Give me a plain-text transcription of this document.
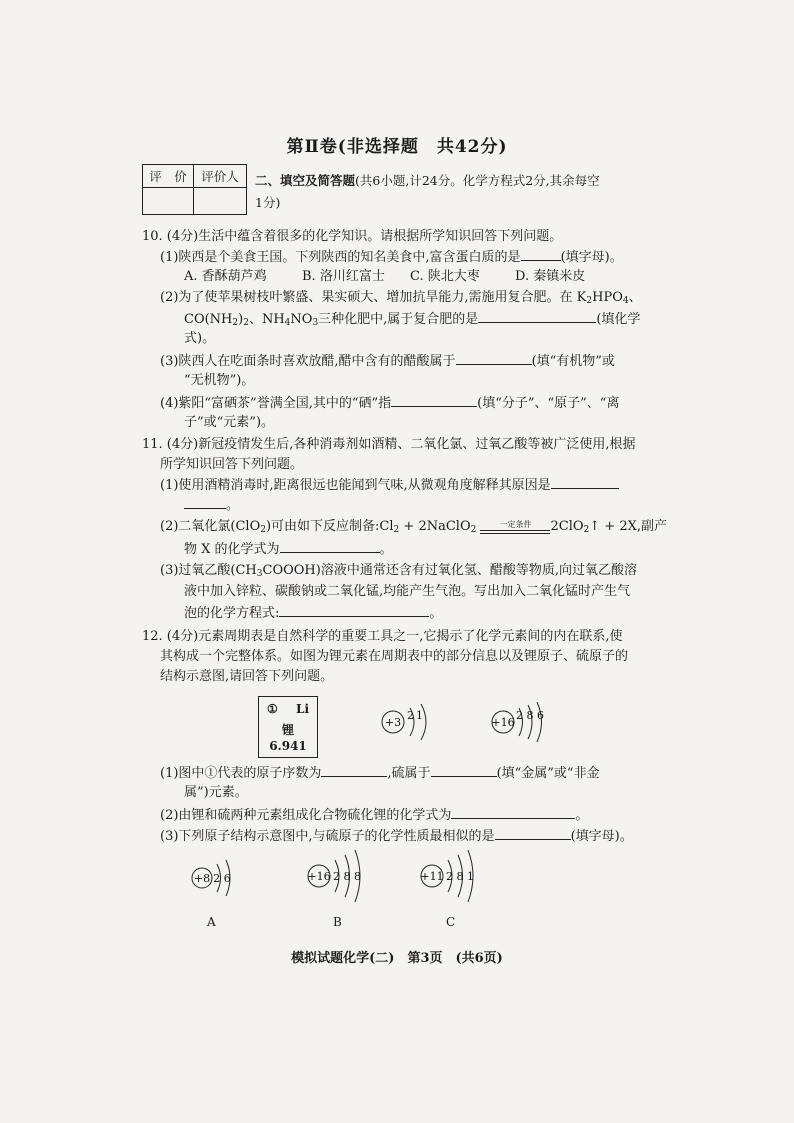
第Ⅱ卷(非选择题　共42分)
评　价	评价人
	二、填空及简答题(共6小题,计24分。化学方程式2分,其余每空
1分)
10. (4分)生活中蕴含着很多的化学知识。请根据所学知识回答下列问题。
(1)陕西是个美食王国。下列陕西的知名美食中,富含蛋白质的是	(填字母)。
A. 香酥葫芦鸡	B. 洛川红富士 C. 陕北大枣	D. 秦镇米皮
(2)为了使苹果树枝叶繁盛、果实硕大、增加抗旱能力,需施用复合肥。在 $K_2HPO_4$、
$CO(NH_2)_2$、$NH_4NO_3$三种化肥中,属于复合肥的是	(填化学
式)。
(3)陕西人在吃面条时喜欢放醋,醋中含有的醋酸属于	(填“有机物”或
“无机物”)。
(4)紫阳“富硒茶”誉满全国,其中的“硒”指	(填“分子”、“原子”、“离
子”或“元素”)。
11. (4分)新冠疫情发生后,各种消毒剂如酒精、二氧化氯、过氧乙酸等被广泛使用,根据
所学知识回答下列问题。
(1)使用酒精消毒时,距离很远也能闻到气味,从微观角度解释其原因是
。
(2)二氧化氯(ClO$_2$)可由如下反应制备$:Cl_2$ + 2NaClO$_2$
一定条件	2ClO$_2$↑ + 2X,副产
物 X 的化学式为	。
(3)过氧乙酸$(CH_3COOOH)$溶液中通常还含有过氧化氢、醋酸等物质,向过氧乙酸溶
液中加入锌粒、碳酸钠或二氧化锰,均能产生气泡。写出加入二氧化锰时产生气
泡的化学方程式:	。
12. (4分)元素周期表是自然科学的重要工具之一,它揭示了化学元素间的内在联系,使
其构成一个完整体系。如图为锂元素在周期表中的部分信息以及锂原子、硫原子的
结构示意图,请回答下列问题。
① Li
锂
6.941
+3
2 1
+16
2 8 6
(1)图中①代表的原子序数为	,硫属于	(填“金属”或“非金
属”)元素。
(2)由锂和硫两种元素组成化合物硫化锂的化学式为	。
(3)下列原子结构示意图中,与硫原子的化学性质最相似的是	(填字母)。
+8 2 6
A
+16 2 8 8
B
+11 2 8 1
C
模拟试题化学(二)　第3页　(共6页)
